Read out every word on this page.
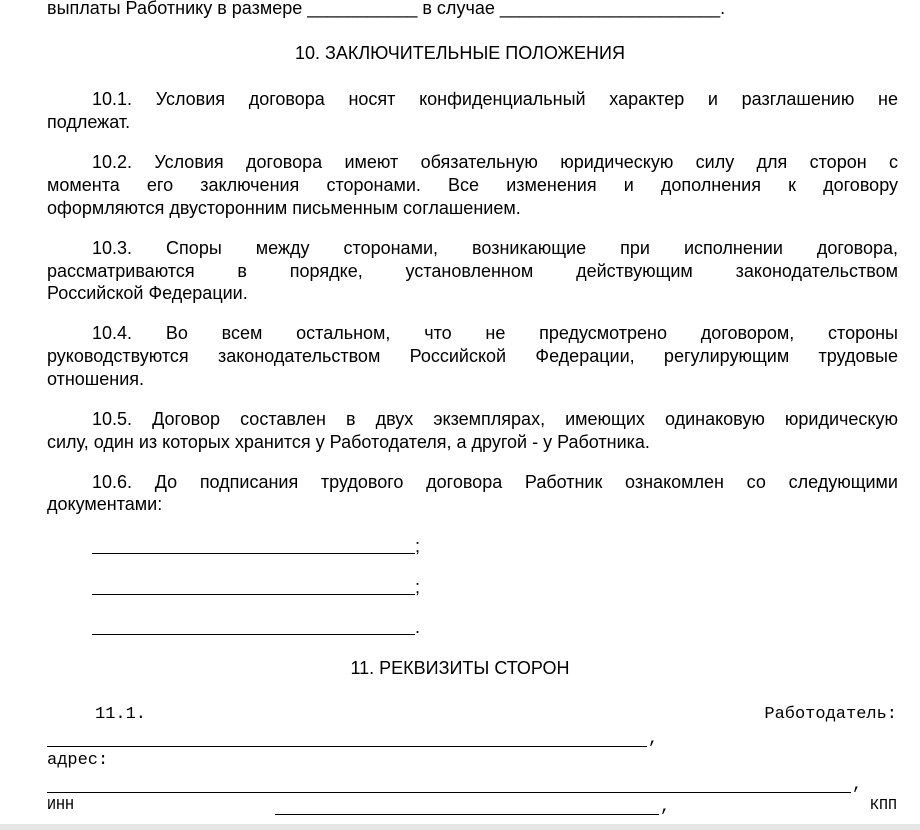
выплаты Работнику в размере ___________ в случае ______________________.
10. ЗАКЛЮЧИТЕЛЬНЫЕ ПОЛОЖЕНИЯ
10.1. Условия договора носят конфиденциальный характер и разглашению не
подлежат.
10.2. Условия договора имеют обязательную юридическую силу для сторон с
момента его заключения сторонами. Все изменения и дополнения к договору
оформляются двусторонним письменным соглашением.
10.3. Споры между сторонами, возникающие при исполнении договора,
рассматриваются в порядке, установленном действующим законодательством
Российской Федерации.
10.4. Во всем остальном, что не предусмотрено договором, стороны
руководствуются законодательством Российской Федерации, регулирующим трудовые
отношения.
10.5. Договор составлен в двух экземплярах, имеющих одинаковую юридическую
силу, один из которых хранится у Работодателя, а другой - у Работника.
10.6. До подписания трудового договора Работник ознакомлен со следующими
документами:
;
;
.
11. РЕКВИЗИТЫ СТОРОН
11.1.	Работодатель:
,
адрес:
,
ИНН	,	КПП
